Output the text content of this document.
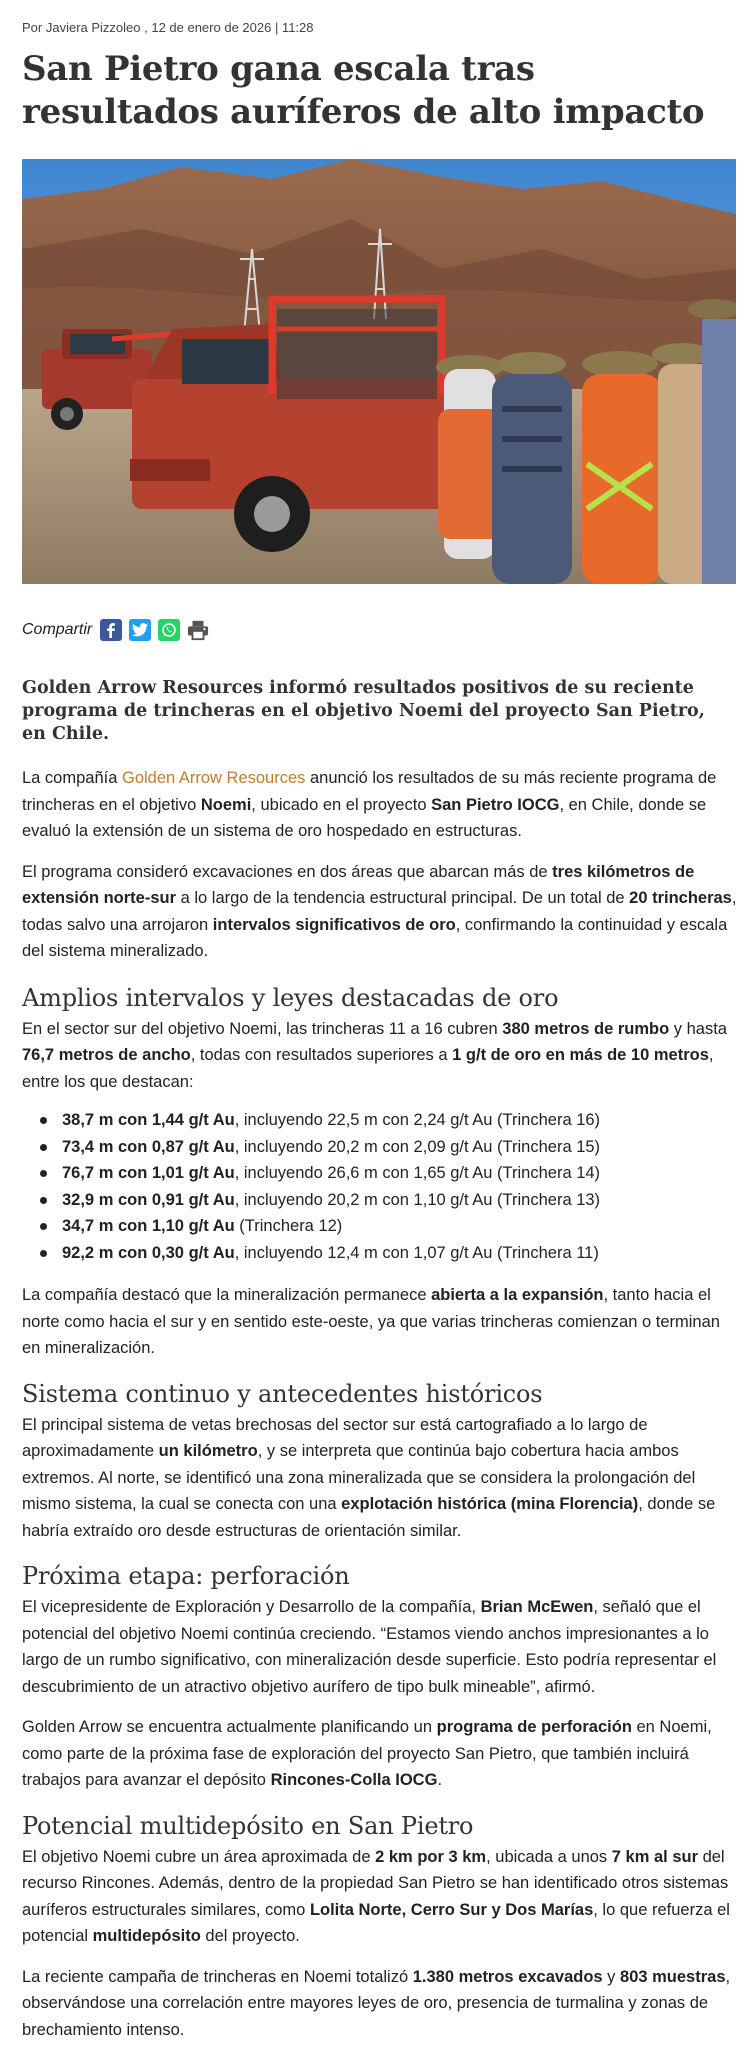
Por Javiera Pizzoleo , 12 de enero de 2026 | 11:28
San Pietro gana escala tras resultados auríferos de alto impacto
Compartir

Golden Arrow Resources informó resultados positivos de su reciente programa de trincheras en el objetivo Noemi del proyecto San Pietro, en Chile.

La compañía Golden Arrow Resources anunció los resultados de su más reciente programa de trincheras en el objetivo Noemi, ubicado en el proyecto San Pietro IOCG, en Chile, donde se evaluó la extensión de un sistema de oro hospedado en estructuras.

El programa consideró excavaciones en dos áreas que abarcan más de tres kilómetros de extensión norte-sur a lo largo de la tendencia estructural principal. De un total de 20 trincheras, todas salvo una arrojaron intervalos significativos de oro, confirmando la continuidad y escala del sistema mineralizado.

Amplios intervalos y leyes destacadas de oro

En el sector sur del objetivo Noemi, las trincheras 11 a 16 cubren 380 metros de rumbo y hasta 76,7 metros de ancho, todas con resultados superiores a 1 g/t de oro en más de 10 metros, entre los que destacan:

38,7 m con 1,44 g/t Au, incluyendo 22,5 m con 2,24 g/t Au (Trinchera 16)
73,4 m con 0,87 g/t Au, incluyendo 20,2 m con 2,09 g/t Au (Trinchera 15)
76,7 m con 1,01 g/t Au, incluyendo 26,6 m con 1,65 g/t Au (Trinchera 14)
32,9 m con 0,91 g/t Au, incluyendo 20,2 m con 1,10 g/t Au (Trinchera 13)
34,7 m con 1,10 g/t Au (Trinchera 12)
92,2 m con 0,30 g/t Au, incluyendo 12,4 m con 1,07 g/t Au (Trinchera 11)

La compañía destacó que la mineralización permanece abierta a la expansión, tanto hacia el norte como hacia el sur y en sentido este-oeste, ya que varias trincheras comienzan o terminan en mineralización.

Sistema continuo y antecedentes históricos

El principal sistema de vetas brechosas del sector sur está cartografiado a lo largo de aproximadamente un kilómetro, y se interpreta que continúa bajo cobertura hacia ambos extremos. Al norte, se identificó una zona mineralizada que se considera la prolongación del mismo sistema, la cual se conecta con una explotación histórica (mina Florencia), donde se habría extraído oro desde estructuras de orientación similar.

Próxima etapa: perforación

El vicepresidente de Exploración y Desarrollo de la compañía, Brian McEwen, señaló que el potencial del objetivo Noemi continúa creciendo. “Estamos viendo anchos impresionantes a lo largo de un rumbo significativo, con mineralización desde superficie. Esto podría representar el descubrimiento de un atractivo objetivo aurífero de tipo bulk mineable”, afirmó.

Golden Arrow se encuentra actualmente planificando un programa de perforación en Noemi, como parte de la próxima fase de exploración del proyecto San Pietro, que también incluirá trabajos para avanzar el depósito Rincones-Colla IOCG.

Potencial multidepósito en San Pietro

El objetivo Noemi cubre un área aproximada de 2 km por 3 km, ubicada a unos 7 km al sur del recurso Rincones. Además, dentro de la propiedad San Pietro se han identificado otros sistemas auríferos estructurales similares, como Lolita Norte, Cerro Sur y Dos Marías, lo que refuerza el potencial multidepósito del proyecto.

La reciente campaña de trincheras en Noemi totalizó 1.380 metros excavados y 803 muestras, observándose una correlación entre mayores leyes de oro, presencia de turmalina y zonas de brechamiento intenso.
